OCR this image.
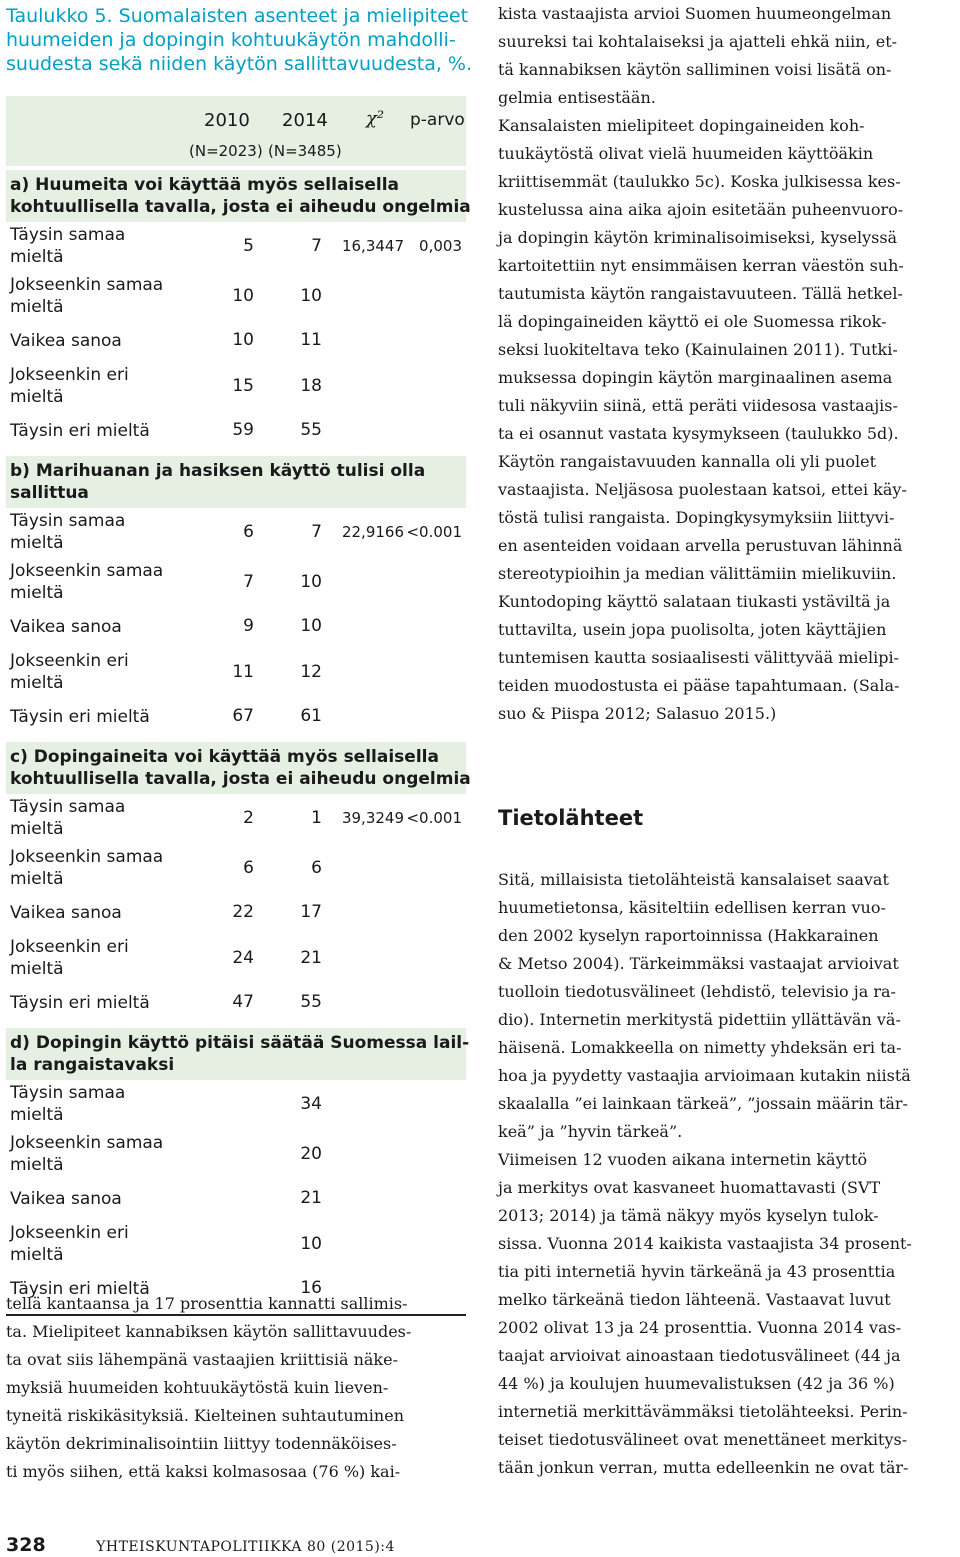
Taulukko 5. Suomalaisten asenteet ja mielipiteet
huumeiden ja dopingin kohtuukäytön mahdolli-
suudesta sekä niiden käytön sallittavuudesta, %.

2010 2014 χ² p-arvo
(N=2023) (N=3485)
a) Huumeita voi käyttää myös sellaisella
kohtuullisella tavalla, josta ei aiheudu ongelmia
Täysin samaa
mieltä
5	7 16,3447 0,003
Jokseenkin samaa
mieltä
10	10
Vaikea sanoa	10	11
Jokseenkin eri
mieltä
15	18
Täysin eri mieltä	59	55
b) Marihuanan ja hasiksen käyttö tulisi olla
sallittua
Täysin samaa
mieltä
6	7 22,9166 <0.001
Jokseenkin samaa
mieltä
7	10
Vaikea sanoa	9	10
Jokseenkin eri
mieltä
11	12
Täysin eri mieltä	67	61
c) Dopingaineita voi käyttää myös sellaisella
kohtuullisella tavalla, josta ei aiheudu ongelmia
Täysin samaa
mieltä
2	1 39,3249 <0.001
Jokseenkin samaa
mieltä
6	6
Vaikea sanoa	22	17
Jokseenkin eri
mieltä
24	21
Täysin eri mieltä	47	55
d) Dopingin käyttö pitäisi säätää Suomessa lail-
la rangaistavaksi
Täysin samaa
mieltä
34
Jokseenkin samaa
mieltä
20
Vaikea sanoa	21
Jokseenkin eri
mieltä
10
Täysin eri mieltä	16

tellä kantaansa ja 17 prosenttia kannatti sallimis-
ta. Mielipiteet kannabiksen käytön sallittavuudes-
ta ovat siis lähempänä vastaajien kriittisiä näke-
myksiä huumeiden kohtuukäytöstä kuin lieven-
tyneitä riskikäsityksiä. Kielteinen suhtautuminen
käytön dekriminalisointiin liittyy todennäköises-
ti myös siihen, että kaksi kolmasosaa (76 %) kai-

kista vastaajista arvioi Suomen huumeongelman
suureksi tai kohtalaiseksi ja ajatteli ehkä niin, et-
tä kannabiksen käytön salliminen voisi lisätä on-
gelmia entisestään.
Kansalaisten mielipiteet dopingaineiden koh-
tuukäytöstä olivat vielä huumeiden käyttöäkin
kriittisemmät (taulukko 5c). Koska julkisessa kes-
kustelussa aina aika ajoin esitetään puheenvuoro-
ja dopingin käytön kriminalisoimiseksi, kyselyssä
kartoitettiin nyt ensimmäisen kerran väestön suh-
tautumista käytön rangaistavuuteen. Tällä hetkel-
lä dopingaineiden käyttö ei ole Suomessa rikok-
seksi luokiteltava teko (Kainulainen 2011). Tutki-
muksessa dopingin käytön marginaalinen asema
tuli näkyviin siinä, että peräti viidesosa vastaajis-
ta ei osannut vastata kysymykseen (taulukko 5d).
Käytön rangaistavuuden kannalla oli yli puolet
vastaajista. Neljäsosa puolestaan katsoi, ettei käy-
töstä tulisi rangaista. Dopingkysymyksiin liittyvi-
en asenteiden voidaan arvella perustuvan lähinnä
stereotypioihin ja median välittämiin mielikuviin.
Kuntodoping käyttö salataan tiukasti ystäviltä ja
tuttavilta, usein jopa puolisolta, joten käyttäjien
tuntemisen kautta sosiaalisesti välittyvää mielipi-
teiden muodostusta ei pääse tapahtumaan. (Sala-
suo & Piispa 2012; Salasuo 2015.)

Tietolähteet

Sitä, millaisista tietolähteistä kansalaiset saavat
huumetietonsa, käsiteltiin edellisen kerran vuo-
den 2002 kyselyn raportoinnissa (Hakkarainen
& Metso 2004). Tärkeimmäksi vastaajat arvioivat
tuolloin tiedotusvälineet (lehdistö, televisio ja ra-
dio). Internetin merkitystä pidettiin yllättävän vä-
häisenä. Lomakkeella on nimetty yhdeksän eri ta-
hoa ja pyydetty vastaajia arvioimaan kutakin niistä
skaalalla ”ei lainkaan tärkeä”, ”jossain määrin tär-
keä” ja ”hyvin tärkeä”.
Viimeisen 12 vuoden aikana internetin käyttö
ja merkitys ovat kasvaneet huomattavasti (SVT
2013; 2014) ja tämä näkyy myös kyselyn tulok-
sissa. Vuonna 2014 kaikista vastaajista 34 prosent-
tia piti internetiä hyvin tärkeänä ja 43 prosenttia
melko tärkeänä tiedon lähteenä. Vastaavat luvut
2002 olivat 13 ja 24 prosenttia. Vuonna 2014 vas-
taajat arvioivat ainoastaan tiedotusvälineet (44 ja
44 %) ja koulujen huumevalistuksen (42 ja 36 %)
internetiä merkittävämmäksi tietolähteeksi. Perin-
teiset tiedotusvälineet ovat menettäneet merkitys-
tään jonkun verran, mutta edelleenkin ne ovat tär-

328	YHTEISKUNTAPOLITIIKKA 80 (2015):4
